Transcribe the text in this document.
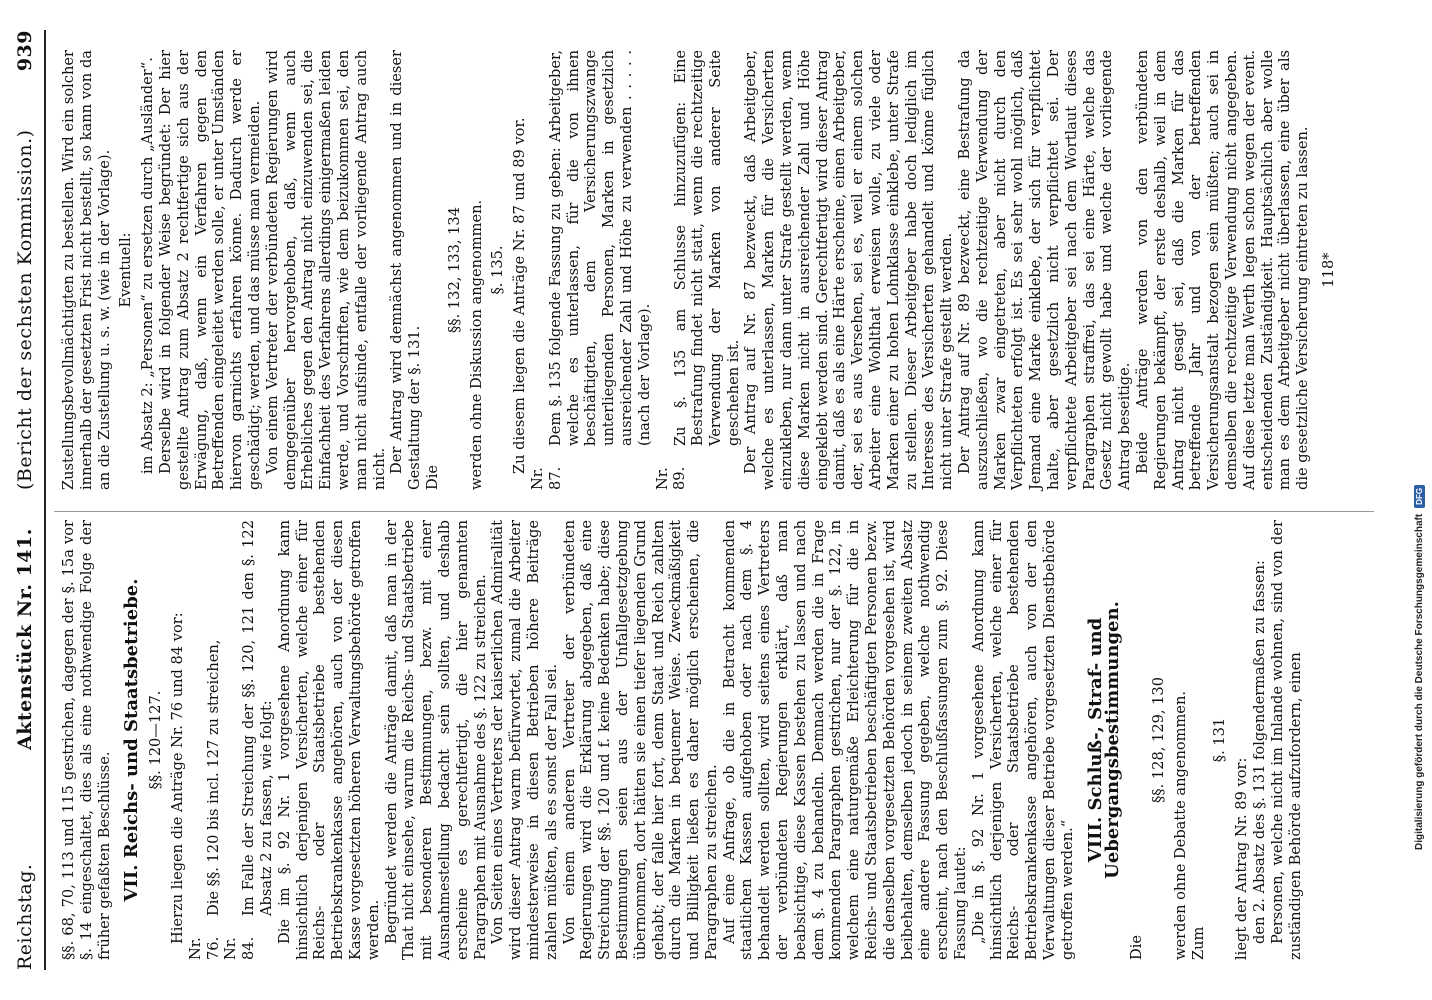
Reichstag.
Aktenstück Nr. 141.
(Bericht der sechsten Kommission.)
939

§§. 68, 70, 113 und 115 gestrichen, dagegen der §. 15a vor §. 14 eingeschaltet, dies als eine nothwendige Folge der früher gefaßten Beschlüsse. VII. Reichs- und Staatsbetriebe. §§. 120—127. Hierzu liegen die Anträge Nr. 76 und 84 vor:

Nr. 76.Die §§. 120 bis incl. 127 zu streichen,

Nr. 84.Im Falle der Streichung der §§. 120, 121 den §. 122 Absatz 2 zu fassen, wie folgt: Die im §. 92 Nr. 1 vorgesehene Anordnung kann hinsichtlich derjenigen Versicherten, welche einer für Reichs- oder Staatsbetriebe bestehenden Betriebskrankenkasse angehören, auch von der diesen Kasse vorgesetzten höheren Verwaltungsbehörde getroffen werden. Begründet werden die Anträge damit, daß man in der That nicht einsehe, warum die Reichs- und Staatsbetriebe mit besonderen Bestimmungen, bezw. mit einer Ausnahmestellung bedacht sein sollten, und deshalb erscheine es gerechtfertigt, die hier genannten Paragraphen mit Ausnahme des §. 122 zu streichen. Von Seiten eines Vertreters der kaiserlichen Admiralität wird dieser Antrag warm befürwortet, zumal die Arbeiter mindesterweise in diesen Betrieben höhere Beiträge zahlen müßten, als es sonst der Fall sei. Von einem anderen Vertreter der verbündeten Regierungen wird die Erklärung abgegeben, daß eine Streichung der §§. 120 und f. keine Bedenken habe; diese Bestimmungen seien aus der Unfallgesetzgebung übernommen, dort hätten sie einen tiefer liegenden Grund gehabt; der falle hier fort, denn Staat und Reich zahlten durch die Marken in bequemer Weise. Zweckmäßigkeit und Billigkeit ließen es daher möglich erscheinen, die Paragraphen zu streichen. Auf eine Anfrage, ob die in Betracht kommenden staatlichen Kassen aufgehoben oder nach dem §. 4 behandelt werden sollten, wird seitens eines Vertreters der verbündeten Regierungen erklärt, daß man beabsichtige, diese Kassen bestehen zu lassen und nach dem §. 4 zu behandeln. Demnach werden die in Frage kommenden Paragraphen gestrichen, nur der §. 122, in welchem eine naturgemäße Erleichterung für die in Reichs- und Staatsbetrieben beschäftigten Personen bezw. die denselben vorgesetzten Behörden vorgesehen ist, wird beibehalten, demselben jedoch in seinem zweiten Absatz eine andere Fassung gegeben, welche nothwendig erscheint, nach den Beschlußfassungen zum §. 92. Diese Fassung lautet: „Die in §. 92 Nr. 1 vorgesehene Anordnung kann hinsichtlich derjenigen Versicherten, welche einer für Reichs- oder Staatsbetriebe bestehenden Betriebskrankenkasse angehören, auch von der den Verwaltungen dieser Betriebe vorgesetzten Dienstbehörde getroffen werden.“

VIII. Schluß-, Straf- und Uebergangsbestimmungen.

Die

§§. 128, 129, 130 werden ohne Debatte angenommen. Zum

§. 131

liegt der Antrag Nr. 89 vor: den 2. Absatz des §. 131 folgendermaßen zu fassen: Personen, welche nicht im Inlande wohnen, sind von der zuständigen Behörde aufzufordern, einen

Zustellungsbevollmächtigten zu bestellen. Wird ein solcher innerhalb der gesetzten Frist nicht bestellt, so kann von da an die Zustellung u. s. w. (wie in der Vorlage). Eventuell: im Absatz 2: „Personen“ zu ersetzen durch „Ausländer“. Derselbe wird in folgender Weise begründet: Der hier gestellte Antrag zum Absatz 2 rechtfertige sich aus der Erwägung, daß, wenn ein Verfahren gegen den Betreffenden eingeleitet werden solle, er unter Umständen hiervon garnichts erfahren könne. Dadurch werde er geschädigt; werden, und das müsse man vermeiden. Von einem Vertreter der verbündeten Regierungen wird demgegenüber hervorgehoben, daß, wenn auch Erhebliches gegen den Antrag nicht einzuwenden sei, die Einfachheit des Verfahrens allerdings einigermaßen leiden werde, und Vorschriften, wie dem beizukommen sei, den man nicht aufsinde, entfalle der vorliegende Antrag auch nicht. Der Antrag wird demnächst angenommen und in dieser Gestaltung der §. 131. Die

§§. 132, 133, 134 werden ohne Diskussion angenommen. §. 135. Zu diesem liegen die Anträge Nr. 87 und 89 vor.

Nr. 87.Dem §. 135 folgende Fassung zu geben: Arbeitgeber, welche es unterlassen, für die von ihnen beschäftigten, dem Versicherungszwange unterliegenden Personen, Marken in gesetzlich ausreichender Zahl und Höhe zu verwenden . . . . . (nach der Vorlage).

Nr. 89.Zu §. 135 am Schlusse hinzuzufügen: Eine Bestrafung findet nicht statt, wenn die rechtzeitige Verwendung der Marken von anderer Seite geschehen ist. Der Antrag auf Nr. 87 bezweckt, daß Arbeitgeber, welche es unterlassen, Marken für die Versicherten einzukleben, nur dann unter Strafe gestellt werden, wenn diese Marken nicht in ausreichender Zahl und Höhe eingeklebt werden sind. Gerechtfertigt wird dieser Antrag damit, daß es als eine Härte erscheine, einen Arbeitgeber, der, sei es aus Versehen, sei es, weil er einem solchen Arbeiter eine Wohlthat erweisen wolle, zu viele oder Marken einer zu hohen Lohnklasse einklebe, unter Strafe zu stellen. Dieser Arbeitgeber habe doch lediglich im Interesse des Versicherten gehandelt und könne füglich nicht unter Strafe gestellt werden. Der Antrag auf Nr. 89 bezweckt, eine Bestrafung da auszuschließen, wo die rechtzeitige Verwendung der Marken zwar eingetreten, aber nicht durch den Verpflichteten erfolgt ist. Es sei sehr wohl möglich, daß Jemand eine Marke einklebe, der sich für verpflichtet halte, aber gesetzlich nicht verpflichtet sei. Der verpflichtete Arbeitgeber sei nach dem Wortlaut dieses Paragraphen straffrei, das sei eine Härte, welche das Gesetz nicht gewollt habe und welche der vorliegende Antrag beseitige. Beide Anträge werden von den verbündeten Regierungen bekämpft, der erste deshalb, weil in dem Antrag nicht gesagt sei, daß die Marken für das betreffende Jahr und von der betreffenden Versicherungsanstalt bezogen sein müßten; auch sei in demselben die rechtzeitige Verwendung nicht angegeben. Auf diese letzte man Werth legen schon wegen der event. entscheidenden Zuständigkeit. Hauptsächlich aber wolle man es dem Arbeitgeber nicht überlassen, eine über als die gesetzliche Versicherung eintreten zu lassen. 118*

Digitalisierung gefördert durch die Deutsche Forschungsgemeinschaft
DFG
